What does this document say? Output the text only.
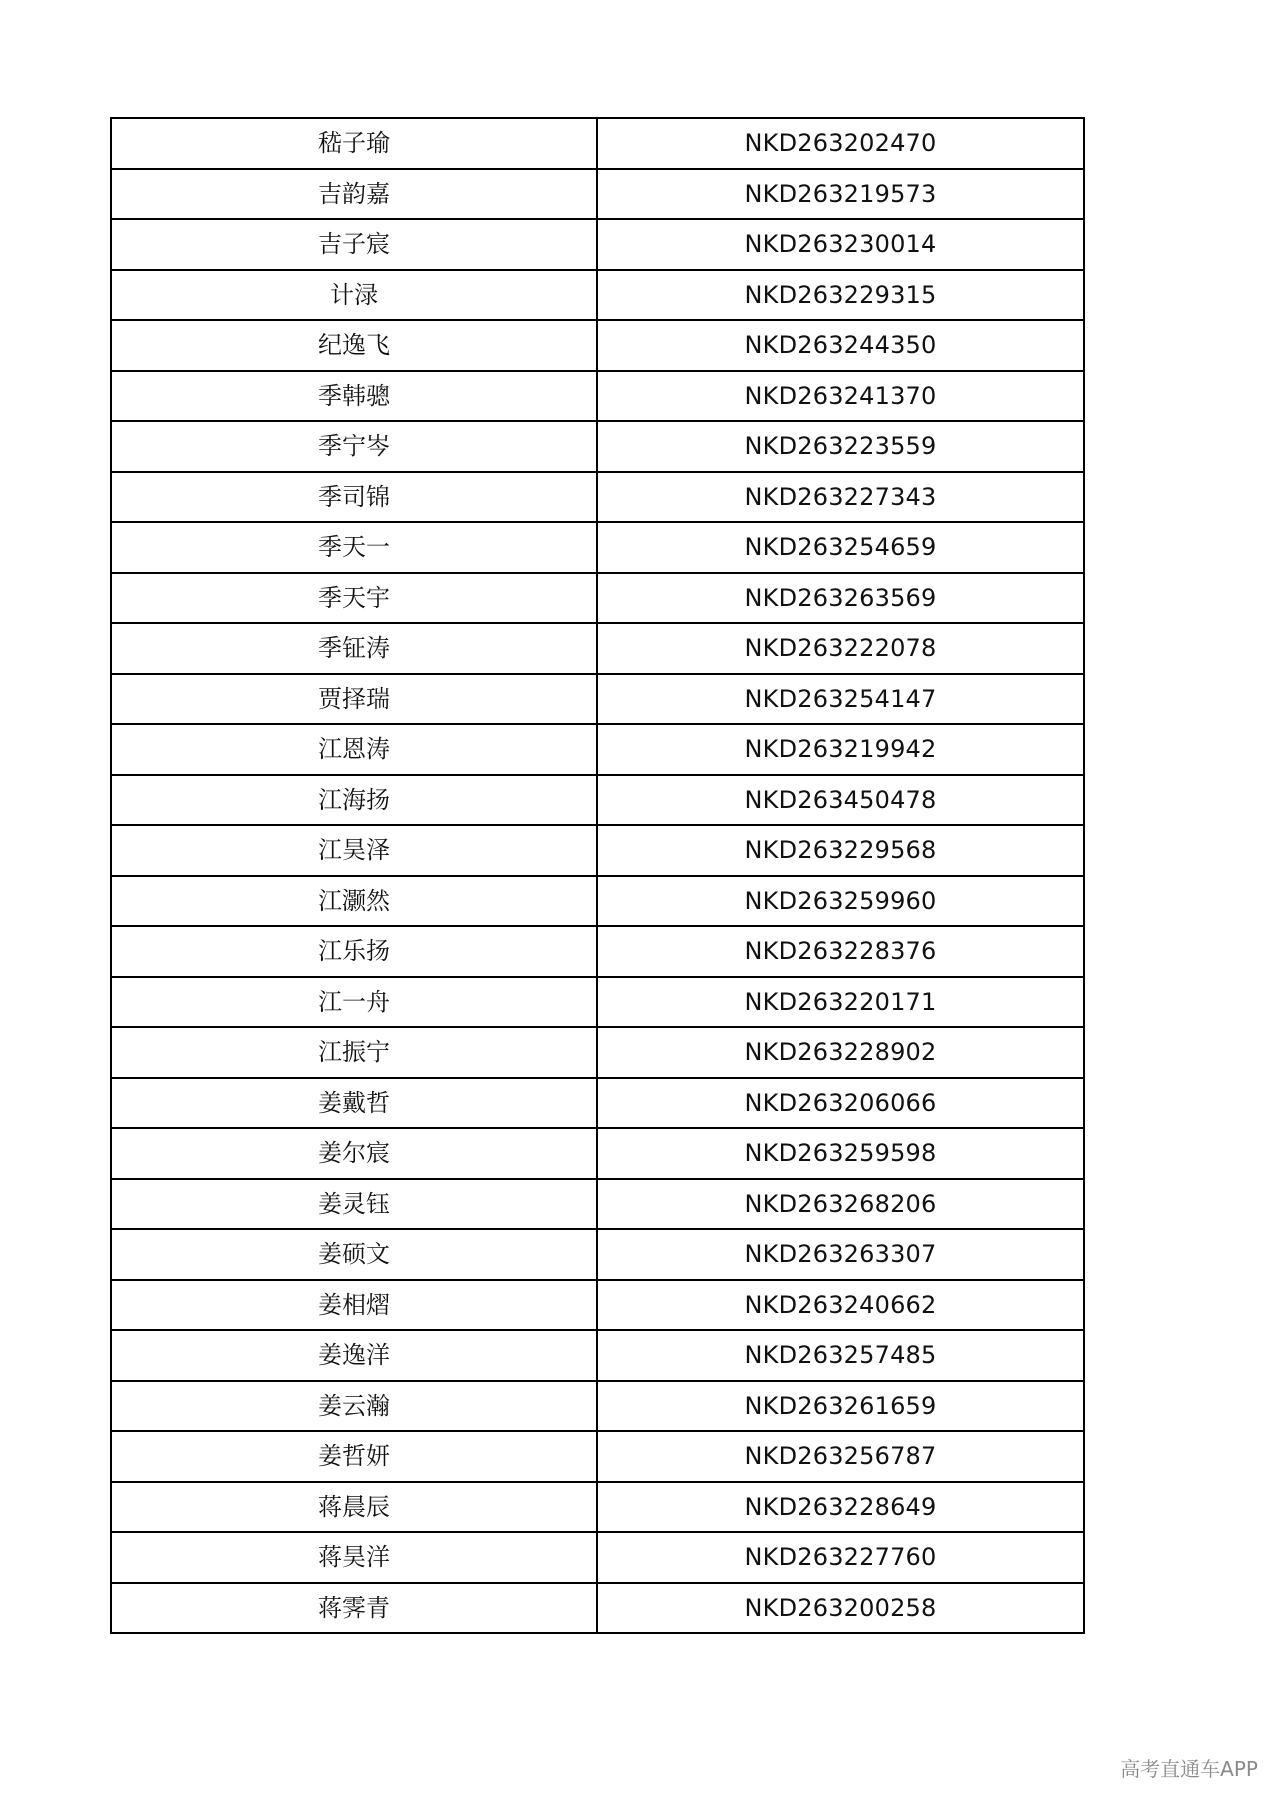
嵇子瑜	NKD263202470
吉韵嘉	NKD263219573
吉子宸	NKD263230014
计渌	NKD263229315
纪逸飞	NKD263244350
季韩骢	NKD263241370
季宁岑	NKD263223559
季司锦	NKD263227343
季天一	NKD263254659
季天宇	NKD263263569
季钲涛	NKD263222078
贾择瑞	NKD263254147
江恩涛	NKD263219942
江海扬	NKD263450478
江昊泽	NKD263229568
江灏然	NKD263259960
江乐扬	NKD263228376
江一舟	NKD263220171
江振宁	NKD263228902
姜戴哲	NKD263206066
姜尔宸	NKD263259598
姜灵钰	NKD263268206
姜硕文	NKD263263307
姜相熠	NKD263240662
姜逸洋	NKD263257485
姜云瀚	NKD263261659
姜哲妍	NKD263256787
蒋晨辰	NKD263228649
蒋昊洋	NKD263227760
蒋霁青	NKD263200258
高考直通车APP
